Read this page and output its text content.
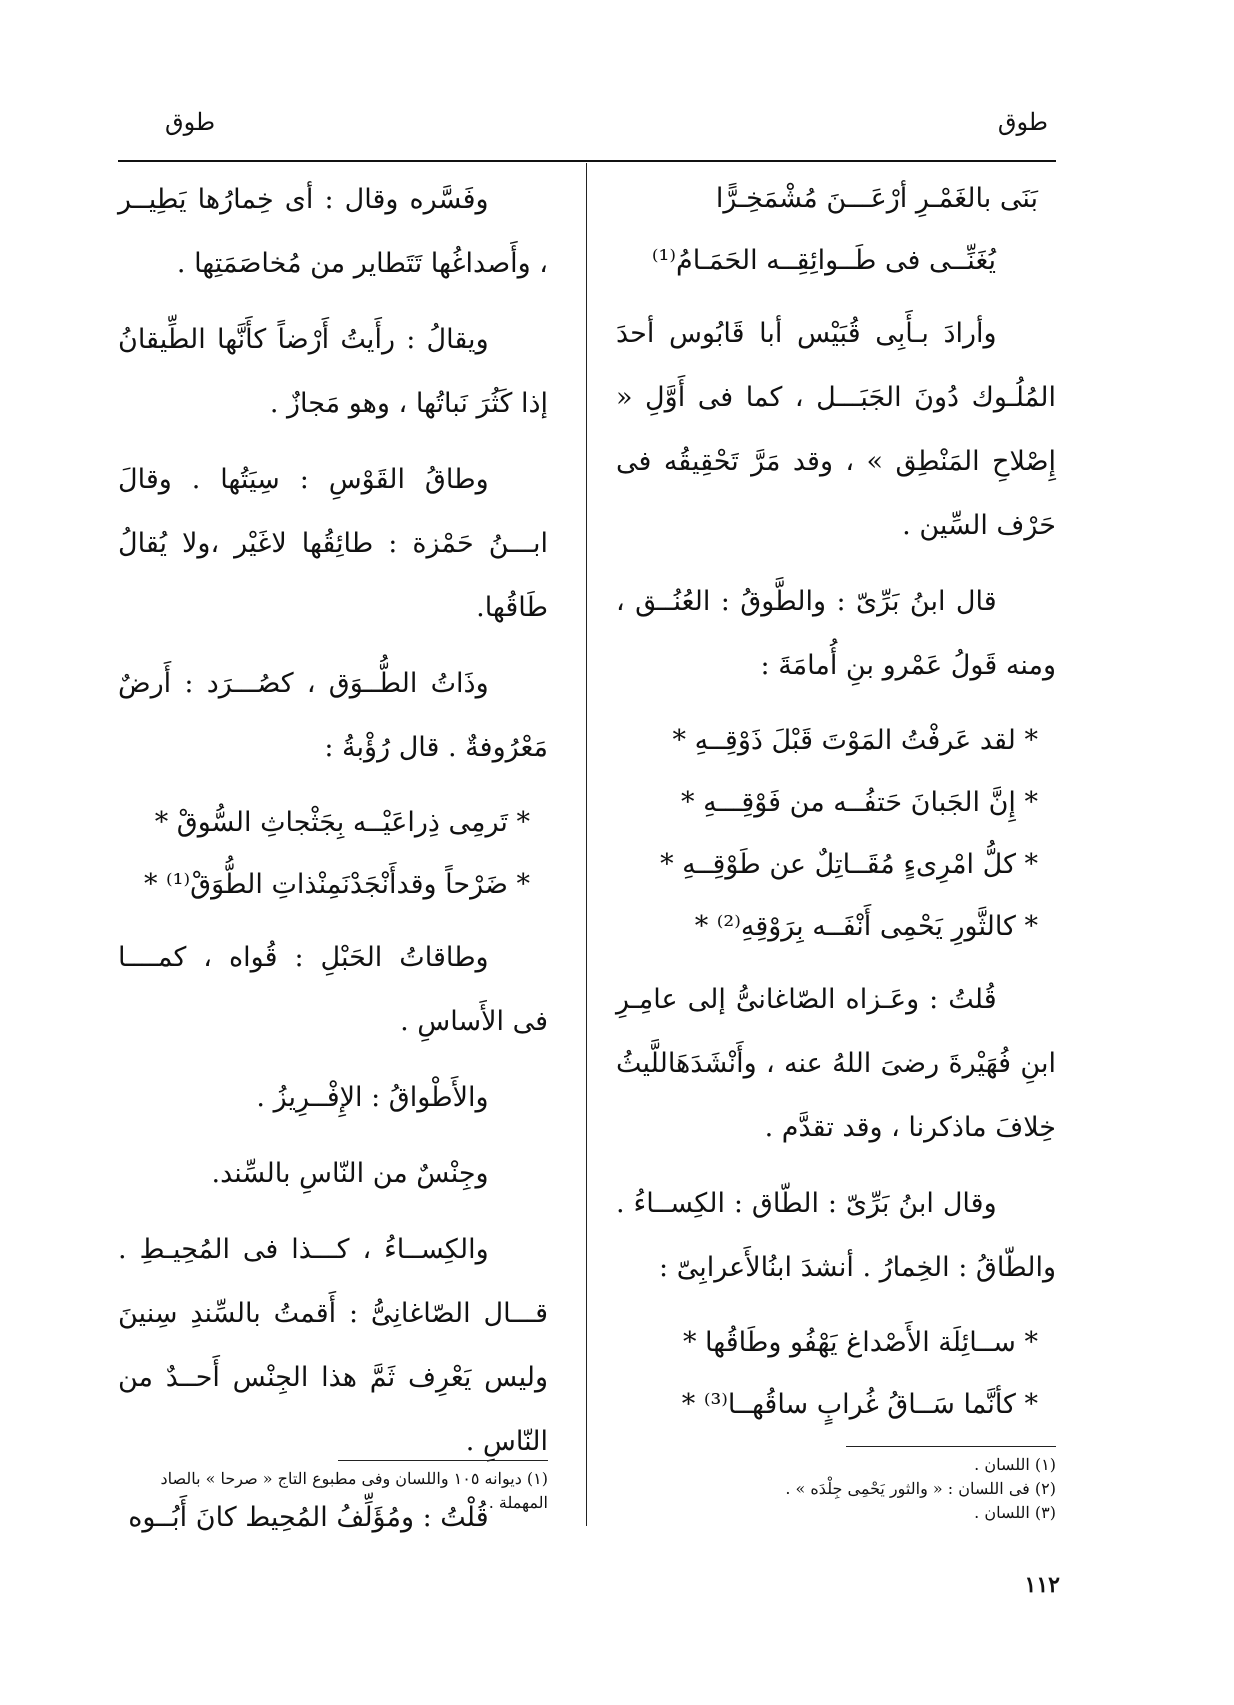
طوق
طوق
بَنَى بالغَمْـرِ أرْعَـــنَ مُشْمَخِـرًّا
يُغَنِّــى فى طَــوائِقِــه الحَمَـامُ⁽¹⁾

وأرادَ بـأَبِى قُبَيْس أبا قَابُوس أحدَ المُلُـوك دُونَ الجَبَـــل ، كما فى أَوَّلِ « إِصْلاحِ المَنْطِق » ، وقد مَرَّ تَحْقِيقُه فى حَرْف السِّين .

قال ابنُ بَرِّىّ : والطَّوقُ : العُنُــق ، ومنه قَولُ عَمْرو بنِ أُمامَةَ :

* لقد عَرفْتُ المَوْتَ قَبْلَ ذَوْقِــهِ *
* إِنَّ الجَبانَ حَتفُــه من فَوْقِـــهِ *
* كلُّ امْرِىءٍ مُقَــاتِلٌ عن طَوْقِــهِ *
* كالثَّورِ يَحْمِى أَنْفَــه بِرَوْقِهِ⁽²⁾ *

قُلتُ : وعَـزاه الصّاغانىُّ إلى عامِـرِ ابنِ فُهَيْرةَ رضىَ اللهُ عنه ، وأَنْشَدَهَاللَّيثُ خِلافَ ماذكرنا ، وقد تقدَّم .

وقال ابنُ بَرِّىّ : الطّاق : الكِســاءُ . والطّاقُ : الخِمارُ . أنشدَ ابنُالأَعرابِىّ :

* ســائِلَة الأَصْداغ يَهْفُو وطَاقُها *
* كأنَّما سَــاقُ غُرابٍ ساقُهــا⁽³⁾ *

وفَسَّره وقال : أى خِمارُها يَطِيــر ، وأَصداغُها تَتَطاير من مُخاصَمَتِها .

ويقالُ : رأَيتُ أَرْضاً كأَنَّها الطِّيقانُ إذا كَثُرَ نَباتُها ، وهو مَجازٌ .

وطاقُ القَوْسِ : سِيَتُها . وقالَ ابـــنُ حَمْزة : طائِقُها لاغَيْر ،ولا يُقالُ طَاقُها.

وذَاتُ الطُّــوَق ، كصُـــرَد : أَرضٌ مَعْرُوفةٌ . قال رُؤْبةُ :

* تَرمِى ذِراعَيْــه بِجَثْجاثِ السُّوقْ *
* ضَرْحاً وقدأَنْجَدْنَمِنْذاتِ الطُّوَقْ⁽¹⁾ *

وطاقاتُ الحَبْلِ : قُواه ، كمــــا فى الأَساسِ .

والأَطْواقُ : الإِفْــرِيزُ .

وجِنْسٌ من النّاسِ بالسِّند.

والكِســاءُ ، كـــذا فى المُحِيـطِ . قـــال الصّاغانِىُّ : أَقمتُ بالسِّندِ سِنينَ وليس يَعْرِف ثَمَّ هذا الجِنْس أَحــدٌ من النّاسِ .

قُلْتُ : ومُؤَلِّفُ المُحِيط كانَ أَبُــوه

(١) اللسان .
(٢) فى اللسان : « والثور يَحْمِى جِلْدَه » .
(٣) اللسان .
(١) ديوانه ١٠٥ واللسان وفى مطبوع التاج « صرحا » بالصاد المهملة .
١١٢
